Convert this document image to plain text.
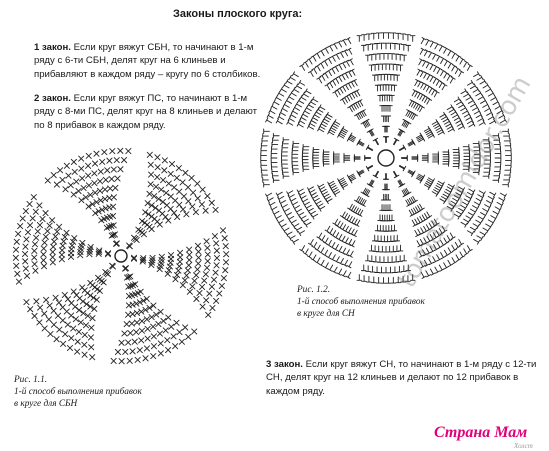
Законы плоского круга:
1 закон. Если круг вяжут СБН, то начинают в 1-м ряду с 6-ти СБН, делят круг на 6 клиньев и прибавляют в каждом ряду – кругу по 6 столбиков.
2 закон. Если круг вяжут ПС, то начинают в 1-м ряду с 8-ми ПС, делят круг на 8 клиньев и делают по 8 прибавок в каждом ряду.
3 закон. Если круг вяжут СН, то начинают в 1-м ряду с 12-ти СН, делят круг на 12 клиньев и делают по 12 прибавок в каждом ряду.
Рис. 1.1.
1-й способ выполнения прибавок
в круге для СБН
Рис. 1.2.
1-й способ выполнения прибавок
в круге для СН
tomatoomidor.com
Страна Мам
Холст
